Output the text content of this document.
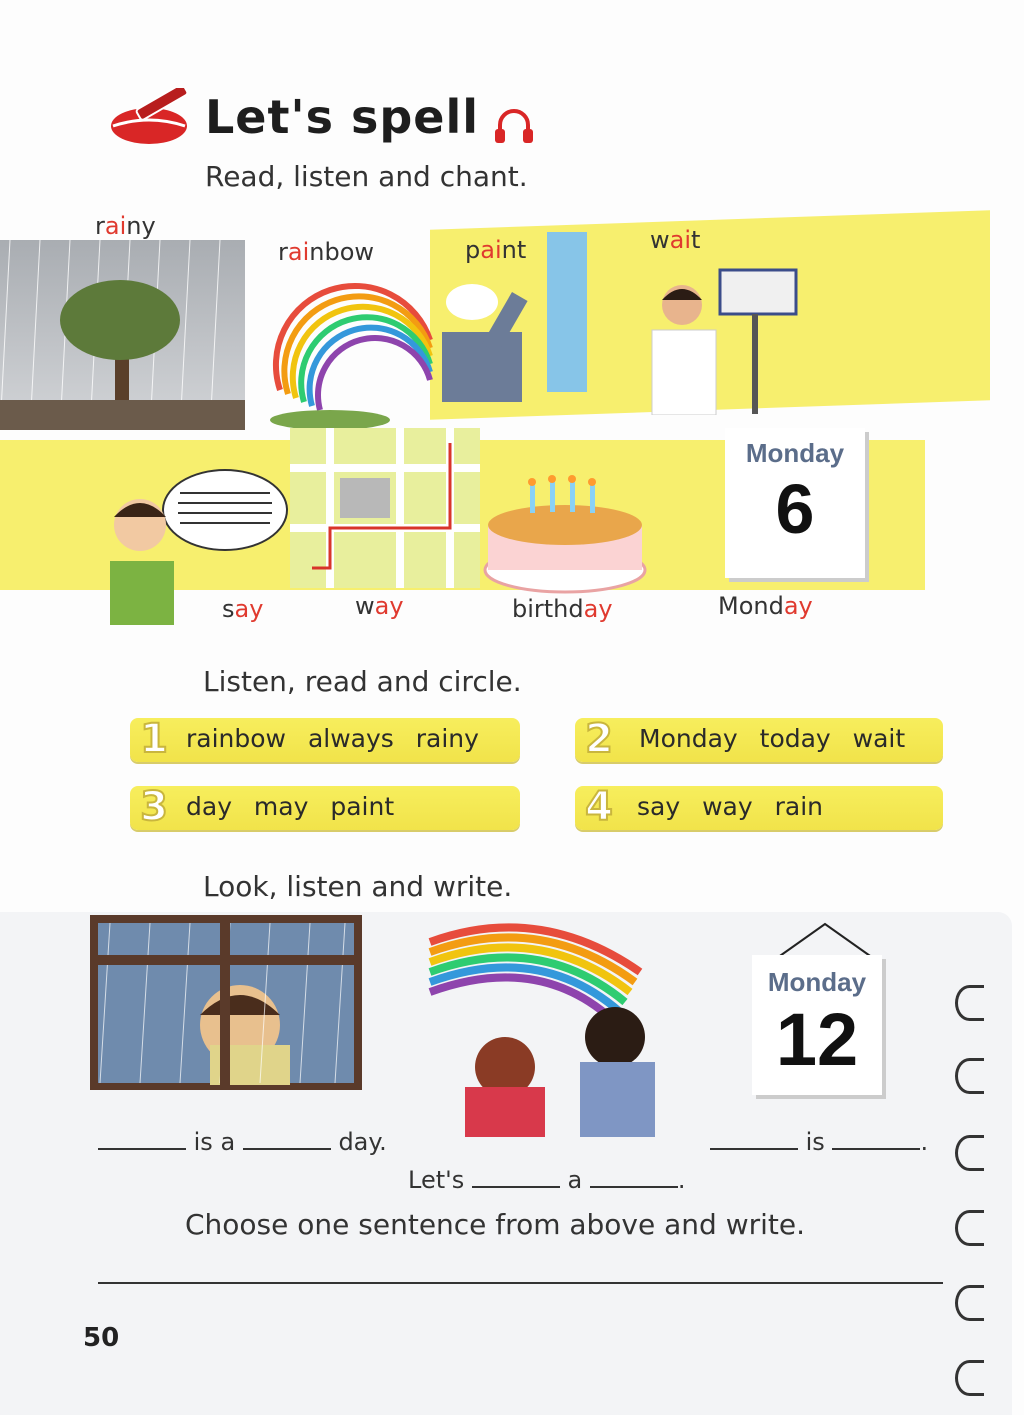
Let's spell
Read, listen and chant.
rainy
rainbow	paint	wait
Monday
6
say	way	birthday	Monday
Listen, read and circle.
1 rainbow always rainy	2 Monday today wait
3 day may paint	4 say way rain
Look, listen and write.
Monday
12
is a	day.	is	.
Let's	a	.
Choose one sentence from above and write.
50
